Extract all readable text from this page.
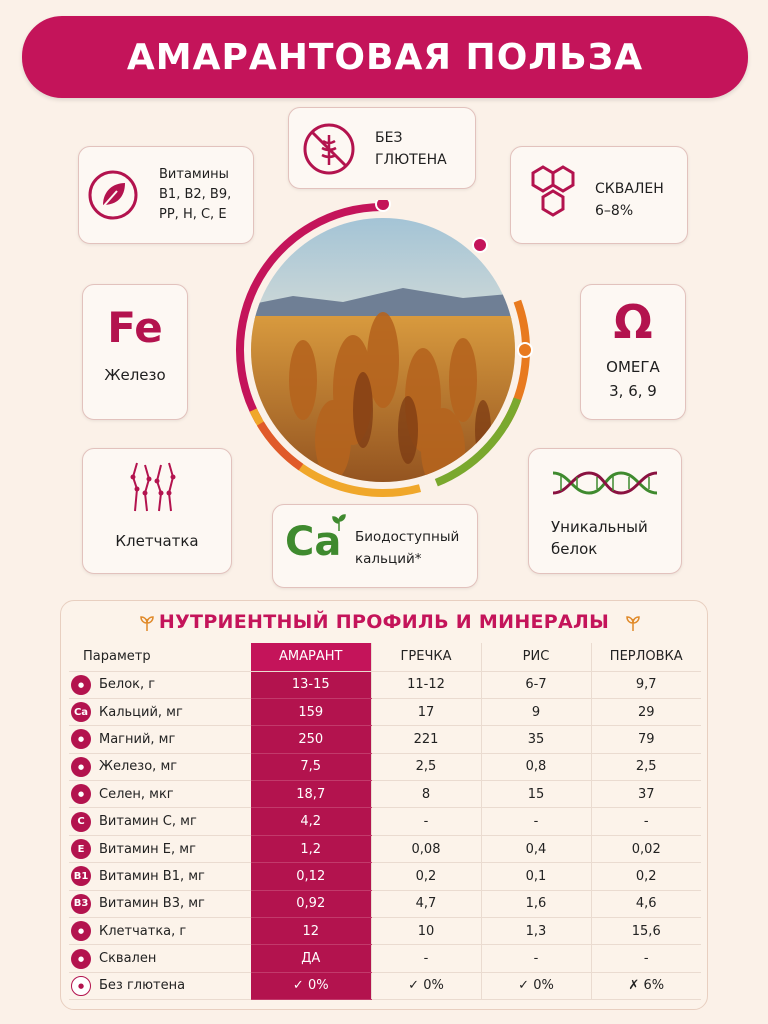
АМАРАНТОВАЯ ПОЛЬЗА
Витамины В1, В2, В9, PP, H, C, E
БЕЗ
ГЛЮТЕНА
СКВАЛЕН
6–8%
Fe
Железо
Ω
ОМЕГА
3, 6, 9
Клетчатка	Ca Биодоступный
кальций*
Уникальный
белок
НУТРИЕНТНЫЙ ПРОФИЛЬ И МИНЕРАЛЫ
Параметр	АМАРАНТ	ГРЕЧКА	РИС	ПЕРЛОВКА

● Белок, г	13-15	11-12	6-7	9,7

Ca Кальций, мг	159	17	9	29

● Магний, мг	250	221	35	79

● Железо, мг	7,5	2,5	0,8	2,5

● Селен, мкг	18,7	8	15	37

C Витамин С, мг	4,2	-	-	-

E Витамин Е, мг	1,2	0,08	0,4	0,02

B1 Витамин В1, мг	0,12	0,2	0,1	0,2

B3 Витамин В3, мг	0,92	4,7	1,6	4,6

● Клетчатка, г	12	10	1,3	15,6

● Сквален	ДА	-	-	-

● Без глютена	✓ 0%	✓ 0%	✓ 0%	✗ 6%
